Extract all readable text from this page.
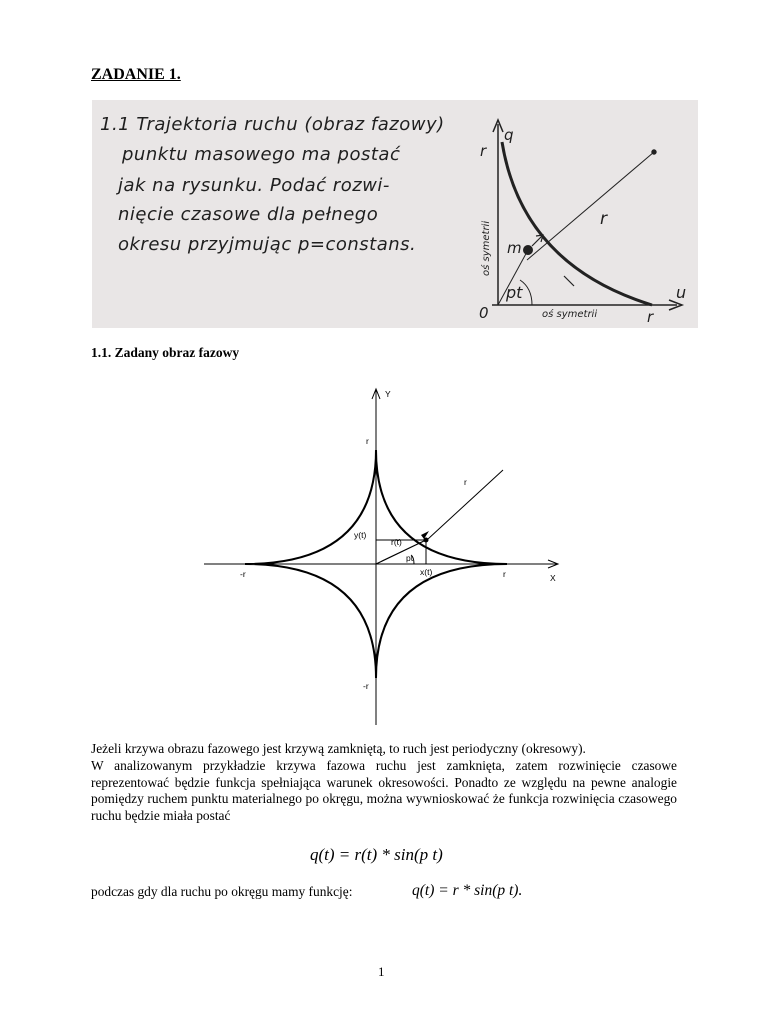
ZADANIE 1.
1.1 Trajektoria ruchu (obraz fazowy)
punktu masowego ma postać
jak na rysunku. Podać rozwi-
nięcie czasowe dla pełnego
okresu przyjmując p=constans.
q
r
r
m
pt
0
u
r
oś symetrii
oś symetrii
1.1. Zadany obraz fazowy
Y
X
r
-r
r
-r
r
y(t)
r(t)
pt
x(t)

Jeżeli krzywa obrazu fazowego jest krzywą zamkniętą, to ruch jest periodyczny (okresowy).

W analizowanym przykładzie krzywa fazowa ruchu jest zamknięta, zatem rozwinięcie czasowe reprezentować będzie funkcja spełniająca warunek okresowości. Ponadto ze względu na pewne analogie pomiędzy ruchem punktu materialnego po okręgu, można wywnioskować że funkcja rozwinięcia czasowego ruchu będzie miała postać

q(t) = r(t) * sin(p t)
podczas gdy dla ruchu po okręgu mamy funkcję:	q(t) = r * sin(p t).
1
